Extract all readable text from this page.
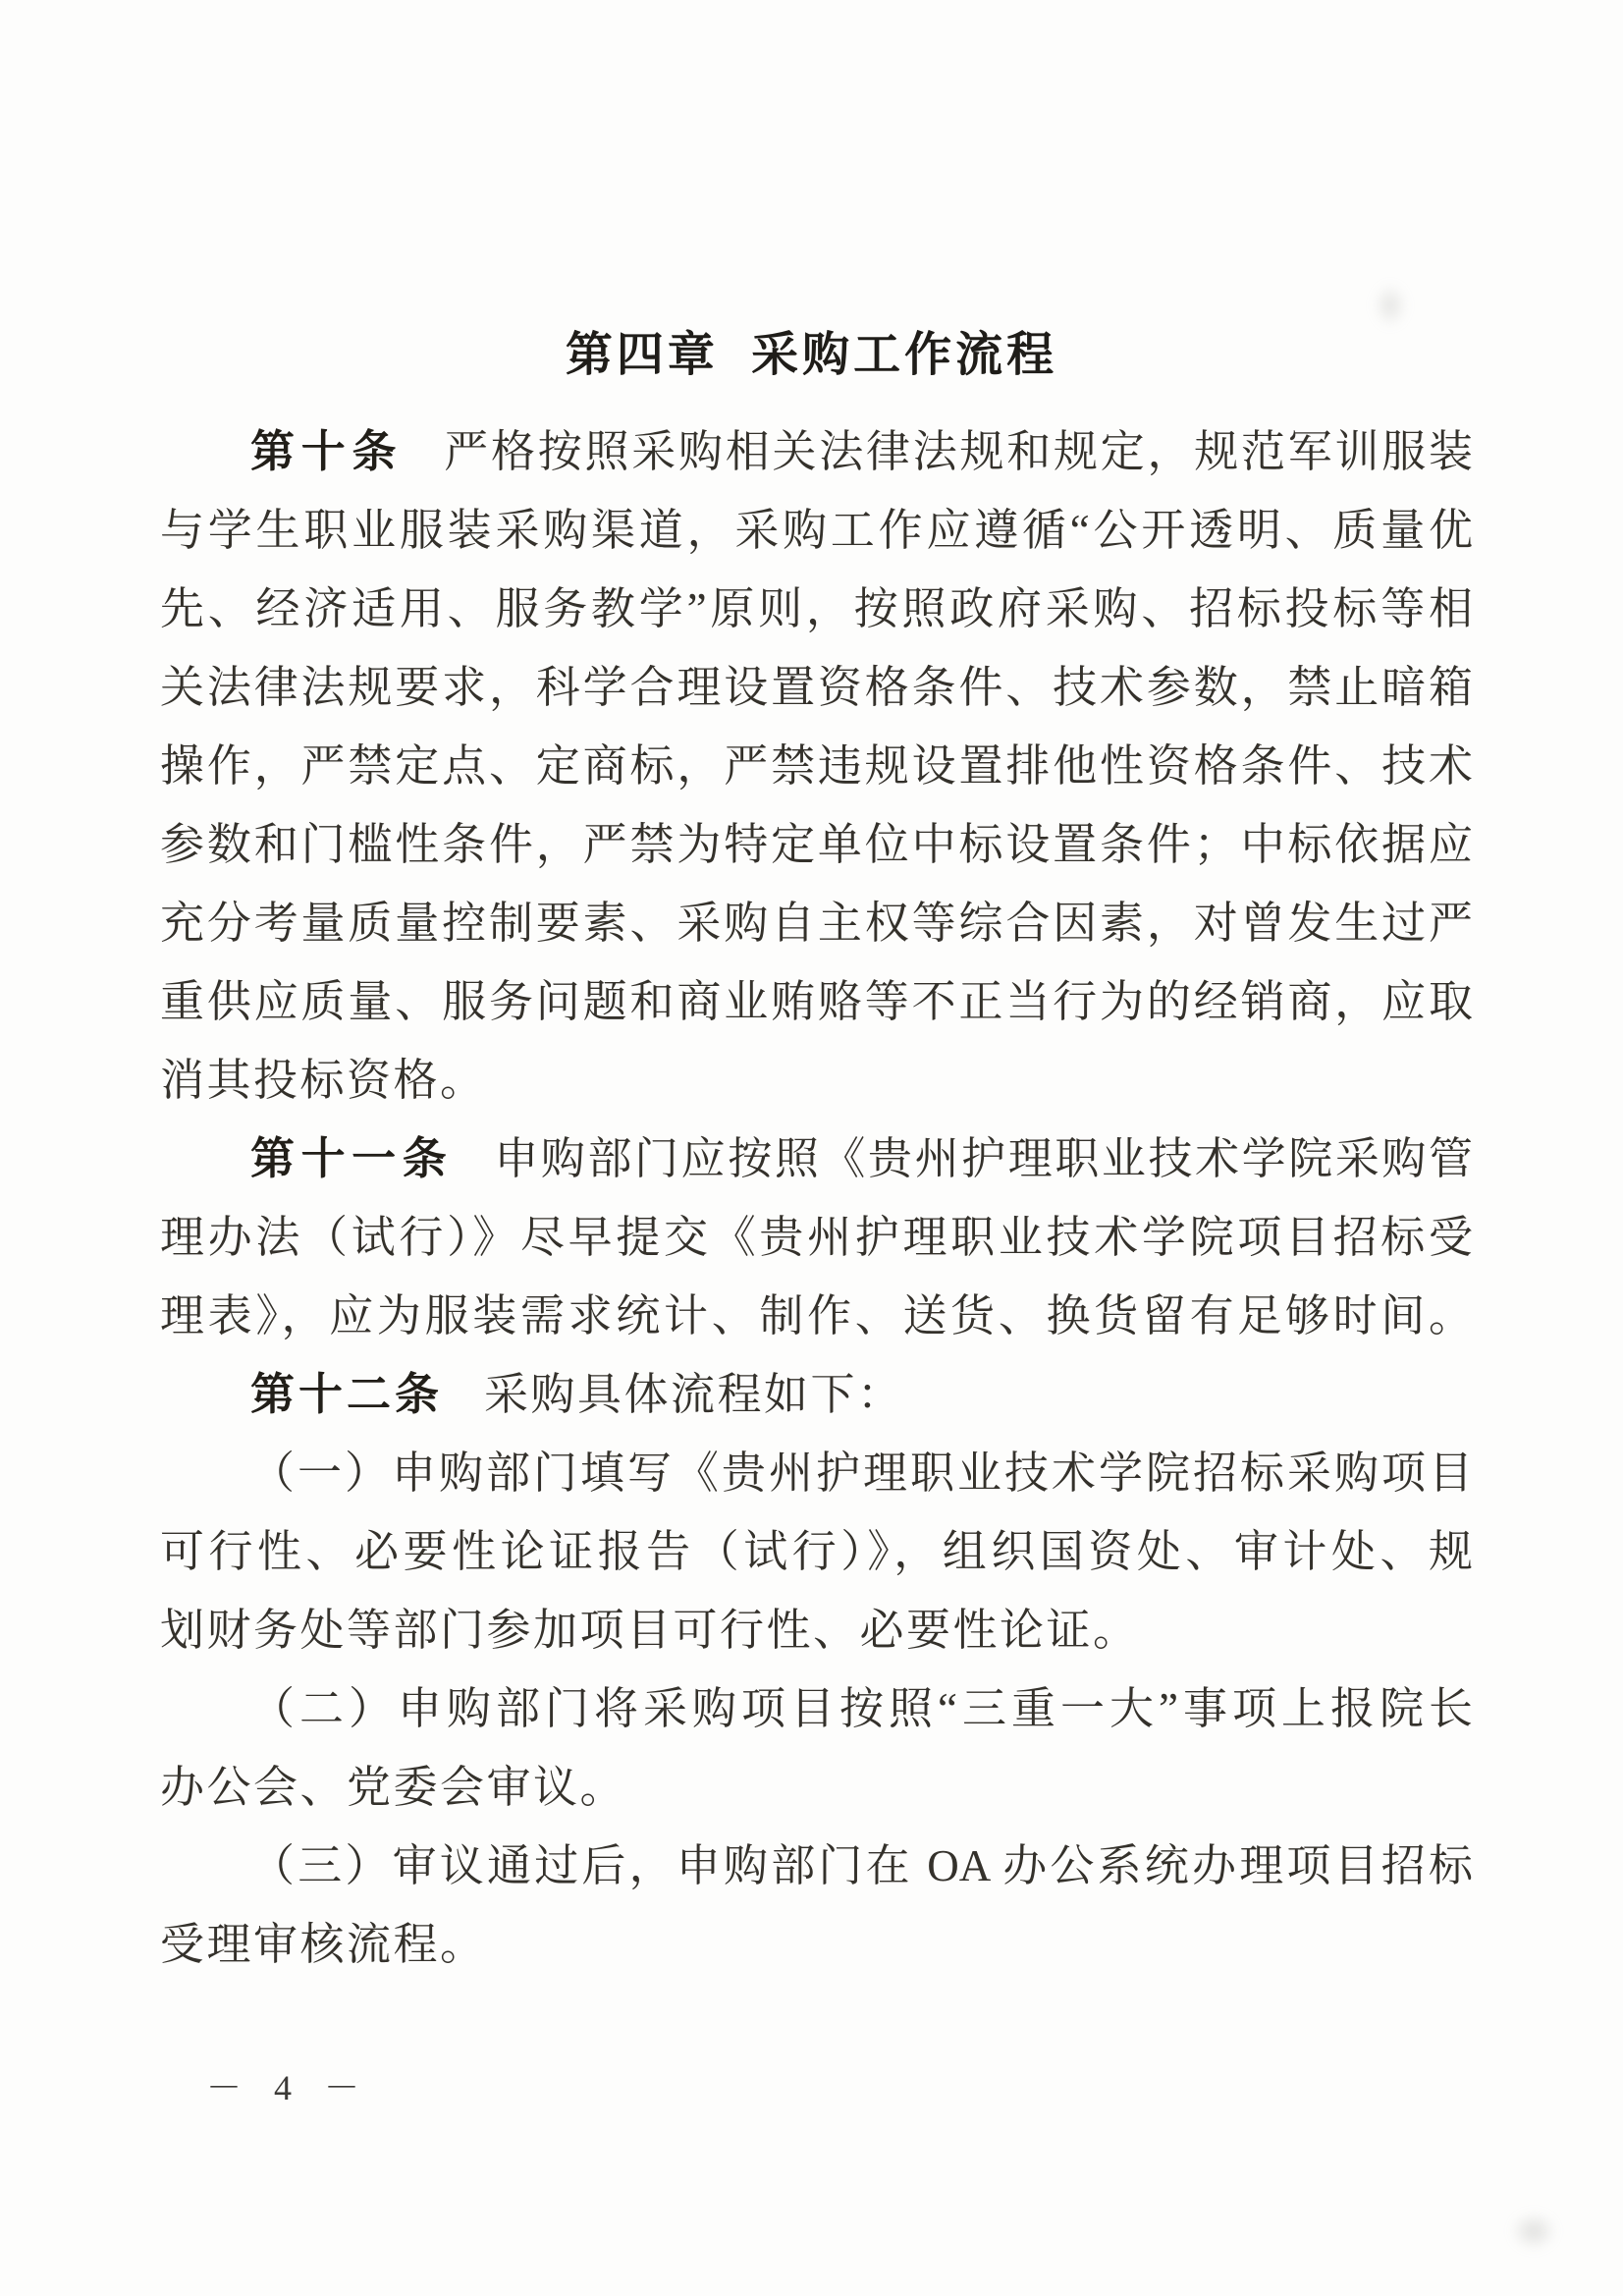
第四章 采购工作流程
第十条 严格按照采购相关法律法规和规定，规范军训服装
与学生职业服装采购渠道，采购工作应遵循“公开透明、质量优
先、经济适用、服务教学”原则，按照政府采购、招标投标等相
关法律法规要求，科学合理设置资格条件、技术参数，禁止暗箱
操作，严禁定点、定商标，严禁违规设置排他性资格条件、技术
参数和门槛性条件，严禁为特定单位中标设置条件；中标依据应
充分考量质量控制要素、采购自主权等综合因素，对曾发生过严
重供应质量、服务问题和商业贿赂等不正当行为的经销商，应取
消其投标资格。
第十一条 申购部门应按照《贵州护理职业技术学院采购管
理办法（试行）》尽早提交《贵州护理职业技术学院项目招标受
理表》，应为服装需求统计、制作、送货、换货留有足够时间。
第十二条 采购具体流程如下：
（一）申购部门填写《贵州护理职业技术学院招标采购项目
可行性、必要性论证报告（试行）》，组织国资处、审计处、规
划财务处等部门参加项目可行性、必要性论证。
（二）申购部门将采购项目按照“三重一大”事项上报院长
办公会、党委会审议。
（三）审议通过后，申购部门在 OA 办公系统办理项目招标
受理审核流程。
－ 4 －
